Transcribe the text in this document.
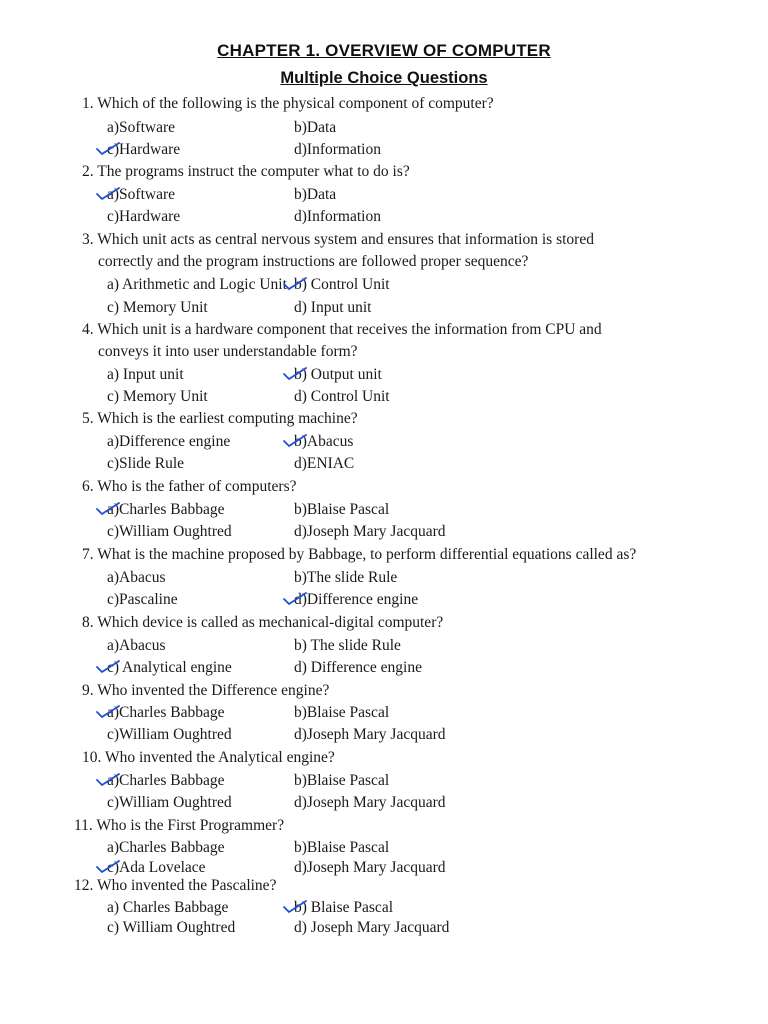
CHAPTER 1. OVERVIEW OF COMPUTER
Multiple Choice Questions
1. Which of the following is the physical component of computer?
a)Software	b)Data
c)Hardware	d)Information
2. The programs instruct the computer what to do is?
a)Software	b)Data
c)Hardware	d)Information
3. Which unit acts as central nervous system and ensures that information is stored
correctly and the program instructions are followed proper sequence?
a) Arithmetic and Logic Unit b) Control Unit
c) Memory Unit	d) Input unit
4. Which unit is a hardware component that receives the information from CPU and
conveys it into user understandable form?
a) Input unit	b) Output unit
c) Memory Unit	d) Control Unit
5. Which is the earliest computing machine?
a)Difference engine	b)Abacus
c)Slide Rule	d)ENIAC
6. Who is the father of computers?
a)Charles Babbage	b)Blaise Pascal
c)William Oughtred	d)Joseph Mary Jacquard
7. What is the machine proposed by Babbage, to perform differential equations called as?
a)Abacus	b)The slide Rule
c)Pascaline	d)Difference engine
8. Which device is called as mechanical-digital computer?
a)Abacus	b) The slide Rule
c) Analytical engine	d) Difference engine
9. Who invented the Difference engine?
a)Charles Babbage	b)Blaise Pascal
c)William Oughtred	d)Joseph Mary Jacquard
10. Who invented the Analytical engine?
a)Charles Babbage	b)Blaise Pascal
c)William Oughtred	d)Joseph Mary Jacquard
11. Who is the First Programmer?
a)Charles Babbage	b)Blaise Pascal
c)Ada Lovelace	d)Joseph Mary Jacquard
12. Who invented the Pascaline?
a) Charles Babbage	b) Blaise Pascal
c) William Oughtred	d) Joseph Mary Jacquard
